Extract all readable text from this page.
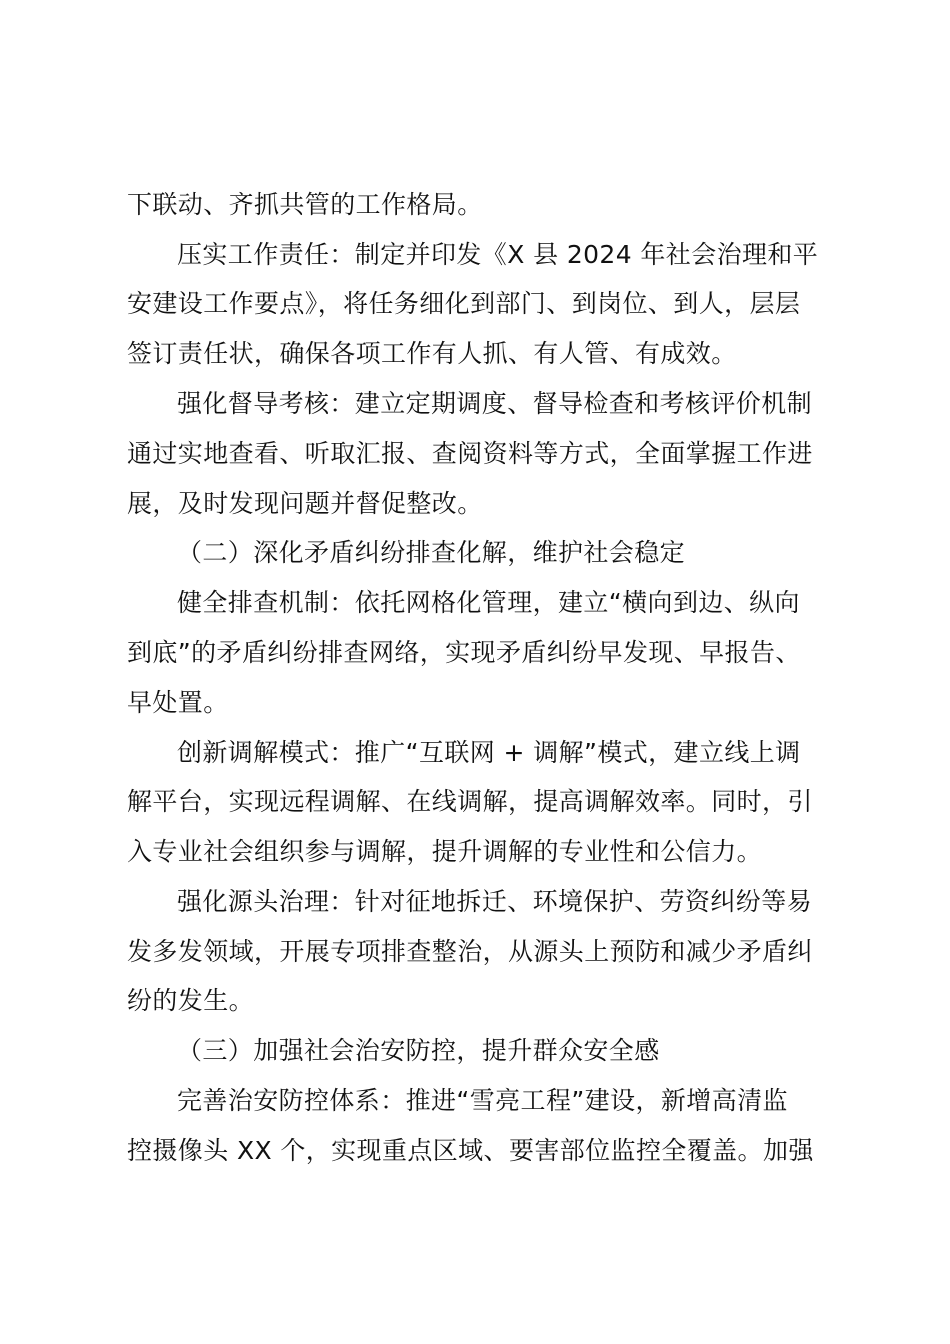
下联动、齐抓共管的工作格局。
压实工作责任：制定并印发《X 县 2024 年社会治理和平
安建设工作要点》，将任务细化到部门、到岗位、到人，层层
签订责任状，确保各项工作有人抓、有人管、有成效。
强化督导考核：建立定期调度、督导检查和考核评价机制
通过实地查看、听取汇报、查阅资料等方式，全面掌握工作进
展，及时发现问题并督促整改。
（二）深化矛盾纠纷排查化解，维护社会稳定
健全排查机制：依托网格化管理，建立“横向到边、纵向
到底”的矛盾纠纷排查网络，实现矛盾纠纷早发现、早报告、
早处置。
创新调解模式：推广“互联网 + 调解”模式，建立线上调
解平台，实现远程调解、在线调解，提高调解效率。同时，引
入专业社会组织参与调解，提升调解的专业性和公信力。
强化源头治理：针对征地拆迁、环境保护、劳资纠纷等易
发多发领域，开展专项排查整治，从源头上预防和减少矛盾纠
纷的发生。
（三）加强社会治安防控，提升群众安全感
完善治安防控体系：推进“雪亮工程”建设，新增高清监
控摄像头 XX 个，实现重点区域、要害部位监控全覆盖。加强
